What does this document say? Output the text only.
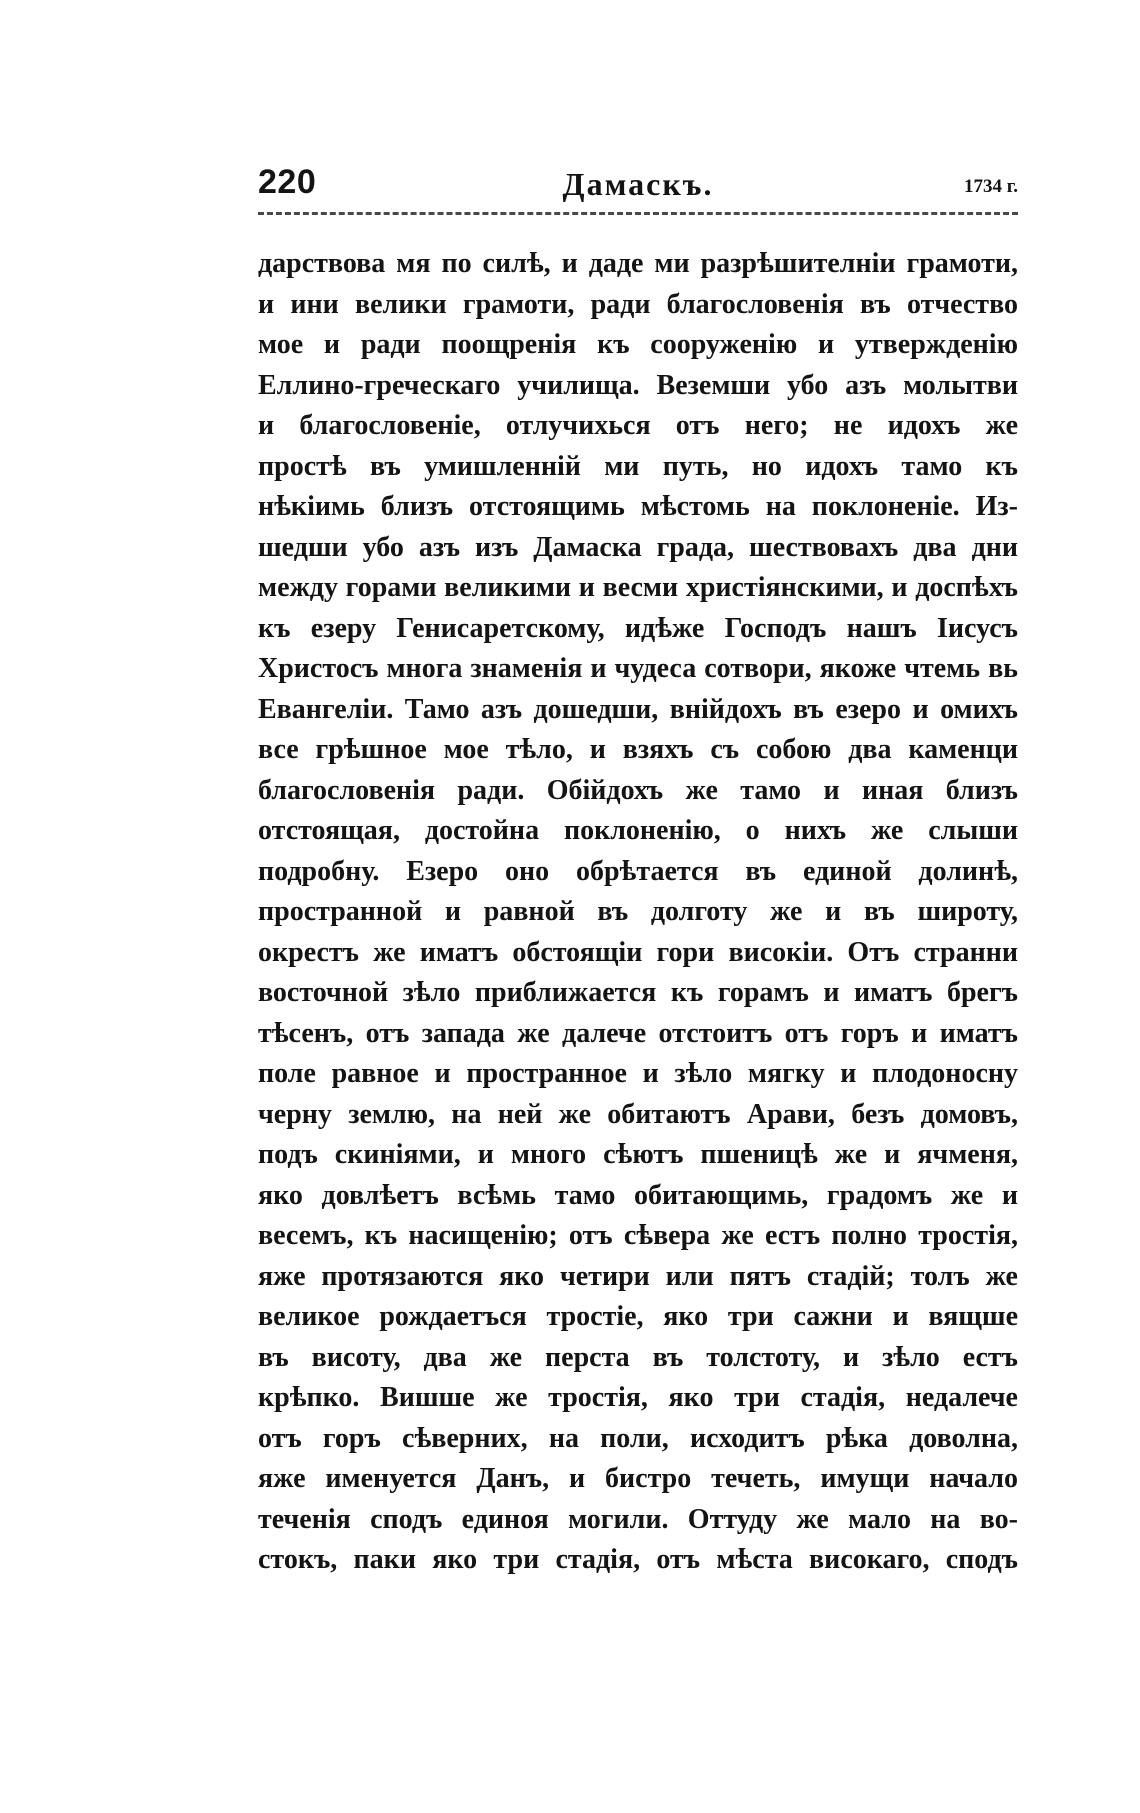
220	Дамаскъ.	1734 г.
дарствова мя по силѣ, и даде ми разрѣшителніи грамоти,
и ини велики грамоти, ради благословенія въ отчество
мое и ради поощренія къ сооруженію и утвержденію
Еллино-греческаго училища. Веземши убо азъ молытви
и благословеніе, отлучихься отъ него; не идохъ же
простѣ въ умишленній ми путь, но идохъ тамо къ
нѣкіимь близъ отстоящимь мѣстомь на поклоненіе. Из-
шедши убо азъ изъ Дамаска града, шествовахъ два дни
между горами великими и весми христіянскими, и доспѣхъ
къ езеру Генисаретскому, идѣже Господъ нашъ Іисусъ
Христосъ многа знаменія и чудеса сотвори, якоже чтемь вь
Евангеліи. Тамо азъ дошедши, внійдохъ въ езеро и омихъ
все грѣшное мое тѣло, и взяхъ съ собою два каменци
благословенія ради. Обійдохъ же тамо и иная близъ
отстоящая, достойна поклоненію, о нихъ же слыши
подробну. Езеро оно обрѣтается въ единой долинѣ,
пространной и равной въ долготу же и въ широту,
окрестъ же иматъ обстоящіи гори високіи. Отъ странни
восточной зѣло приближается къ горамъ и иматъ брегъ
тѣсенъ, отъ запада же далече отстоитъ отъ горъ и иматъ
поле равное и пространное и зѣло мягку и плодоносну
черну землю, на ней же обитаютъ Арави, безъ домовъ,
подъ скиніями, и много сѣютъ пшеницѣ же и ячменя,
яко довлѣетъ всѣмь тамо обитающимь, градомъ же и
весемъ, къ насищенію; отъ сѣвера же естъ полно тростія,
яже протязаются яко четири или пятъ стадій; толъ же
великое рождаетъся тростіе, яко три сажни и вящше
въ висоту, два же перста въ толстоту, и зѣло естъ
крѣпко. Вишше же тростія, яко три стадія, недалече
отъ горъ сѣверних, на поли, исходитъ рѣка доволна,
яже именуется Данъ, и бистро течеть, имущи начало
теченія сподъ единоя могили. Оттуду же мало на во-
стокъ, паки яко три стадія, отъ мѣста високаго, сподъ
